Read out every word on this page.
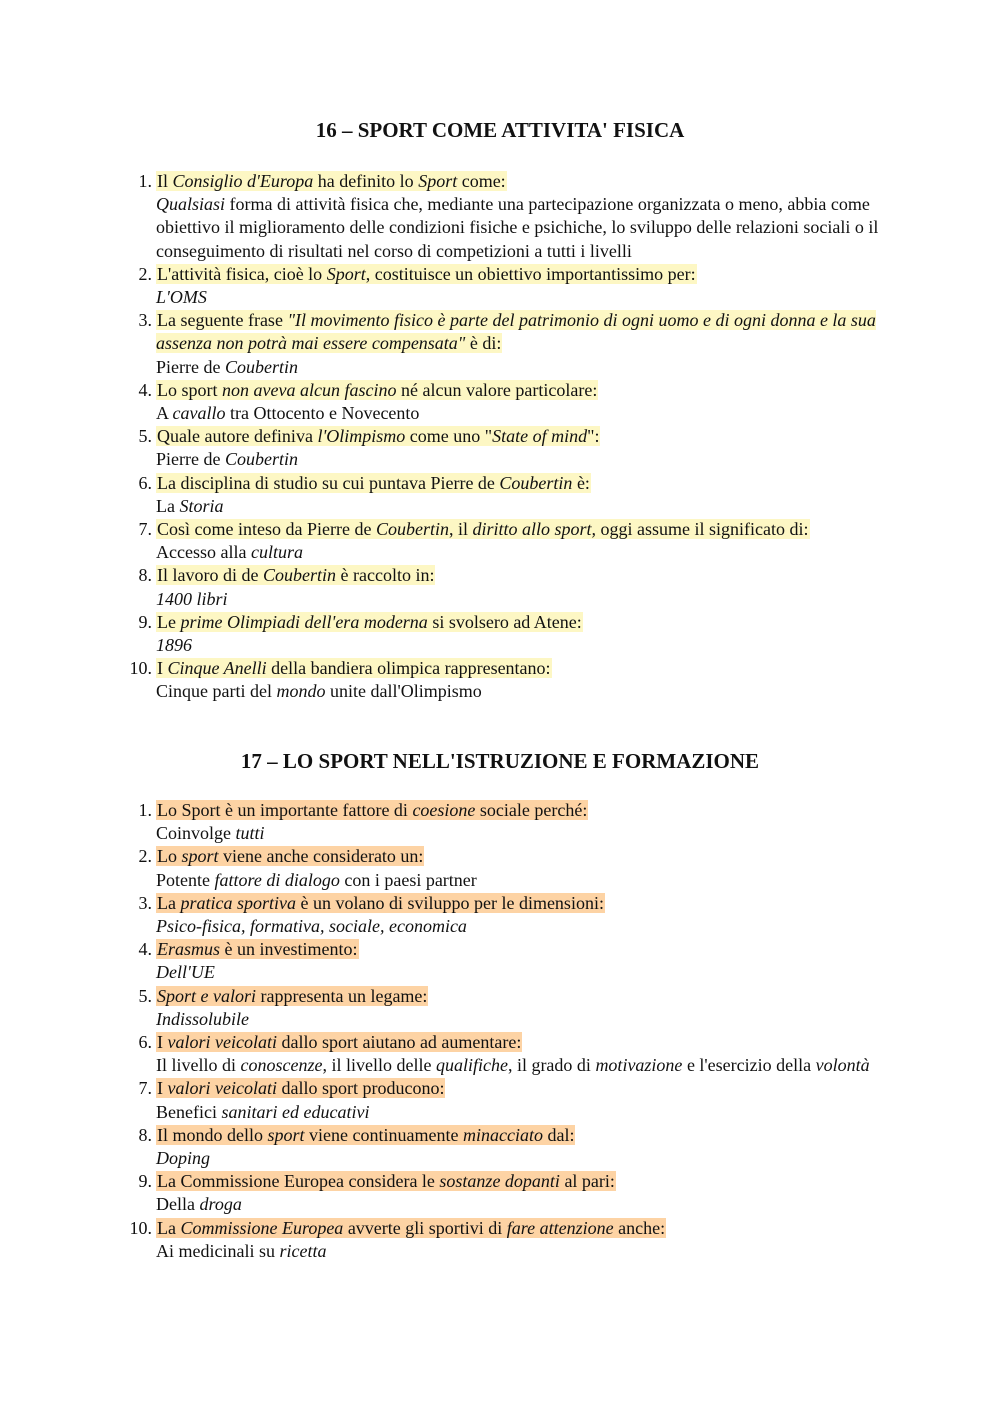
16 – SPORT COME ATTIVITA' FISICA
1. Il Consiglio d'Europa ha definito lo Sport come:
Qualsiasi forma di attività fisica che, mediante una partecipazione organizzata o meno, abbia come obiettivo il miglioramento delle condizioni fisiche e psichiche, lo sviluppo delle relazioni sociali o il conseguimento di risultati nel corso di competizioni a tutti i livelli
2. L'attività fisica, cioè lo Sport, costituisce un obiettivo importantissimo per:
L'OMS
3. La seguente frase "Il movimento fisico è parte del patrimonio di ogni uomo e di ogni donna e la sua assenza non potrà mai essere compensata" è di:
Pierre de Coubertin
4. Lo sport non aveva alcun fascino né alcun valore particolare:
A cavallo tra Ottocento e Novecento
5. Quale autore definiva l'Olimpismo come uno "State of mind":
Pierre de Coubertin
6. La disciplina di studio su cui puntava Pierre de Coubertin è:
La Storia
7. Così come inteso da Pierre de Coubertin, il diritto allo sport, oggi assume il significato di:
Accesso alla cultura
8. Il lavoro di de Coubertin è raccolto in:
1400 libri
9. Le prime Olimpiadi dell'era moderna si svolsero ad Atene:
1896
10. I Cinque Anelli della bandiera olimpica rappresentano:
Cinque parti del mondo unite dall'Olimpismo
17 – LO SPORT NELL'ISTRUZIONE E FORMAZIONE
1. Lo Sport è un importante fattore di coesione sociale perché:
Coinvolge tutti
2. Lo sport viene anche considerato un:
Potente fattore di dialogo con i paesi partner
3. La pratica sportiva è un volano di sviluppo per le dimensioni:
Psico-fisica, formativa, sociale, economica
4. Erasmus è un investimento:
Dell'UE
5. Sport e valori rappresenta un legame:
Indissolubile
6. I valori veicolati dallo sport aiutano ad aumentare:
Il livello di conoscenze, il livello delle qualifiche, il grado di motivazione e l'esercizio della volontà
7. I valori veicolati dallo sport producono:
Benefici sanitari ed educativi
8. Il mondo dello sport viene continuamente minacciato dal:
Doping
9. La Commissione Europea considera le sostanze dopanti al pari:
Della droga
10. La Commissione Europea avverte gli sportivi di fare attenzione anche:
Ai medicinali su ricetta
